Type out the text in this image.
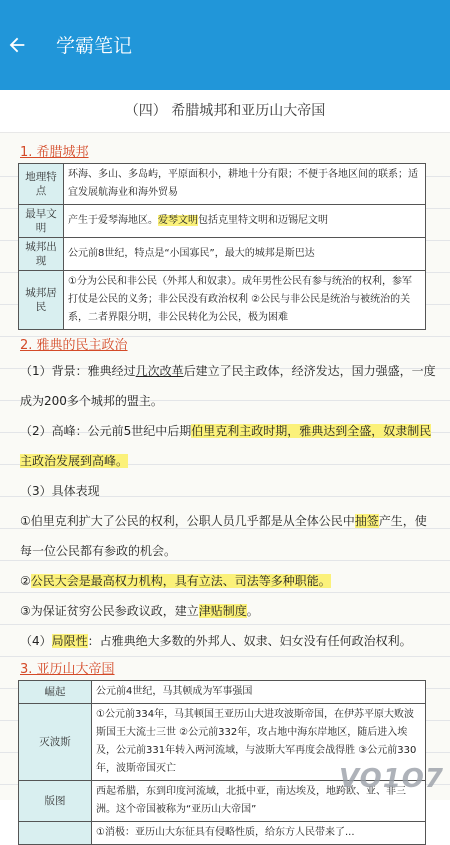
学霸笔记
（四） 希腊城邦和亚历山大帝国
1. 希腊城邦
地理特点	环海、多山、多岛屿，平原面积小，耕地十分有限；不便于各地区间的联系；适宜发展航海业和海外贸易
最早文明	产生于爱琴海地区。爱琴文明包括克里特文明和迈锡尼文明
城邦出现	公元前8世纪，特点是“小国寡民”，最大的城邦是斯巴达
城邦居民	①分为公民和非公民（外邦人和奴隶）。成年男性公民有参与统治的权利，参军打仗是公民的义务；非公民没有政治权利 ②公民与非公民是统治与被统治的关系，二者界限分明，非公民转化为公民，极为困难
2. 雅典的民主政治

（1）背景：雅典经过几次改革后建立了民主政体，经济发达，国力强盛，一度成为200多个城邦的盟主。

（2）高峰：公元前5世纪中后期伯里克利主政时期，雅典达到全盛，奴隶制民主政治发展到高峰。

（3）具体表现

①伯里克利扩大了公民的权利，公职人员几乎都是从全体公民中抽签产生，使每一位公民都有参政的机会。

②公民大会是最高权力机构，具有立法、司法等多种职能。

③为保证贫穷公民参政议政，建立津贴制度。

（4）局限性：占雅典绝大多数的外邦人、奴隶、妇女没有任何政治权利。

3. 亚历山大帝国
崛起	公元前4世纪，马其顿成为军事强国
灭波斯	①公元前334年，马其顿国王亚历山大进攻波斯帝国，在伊苏平原大败波斯国王大流士三世 ②公元前332年，攻占地中海东岸地区，随后进入埃及，公元前331年转入两河流域，与波斯大军再度会战得胜 ③公元前330年，波斯帝国灭亡
版图	西起希腊，东到印度河流域，北抵中亚，南达埃及，地跨欧、亚、非三洲。这个帝国被称为“亚历山大帝国”
	①消极：亚历山大东征具有侵略性质，给东方人民带来了...
VO1O7
